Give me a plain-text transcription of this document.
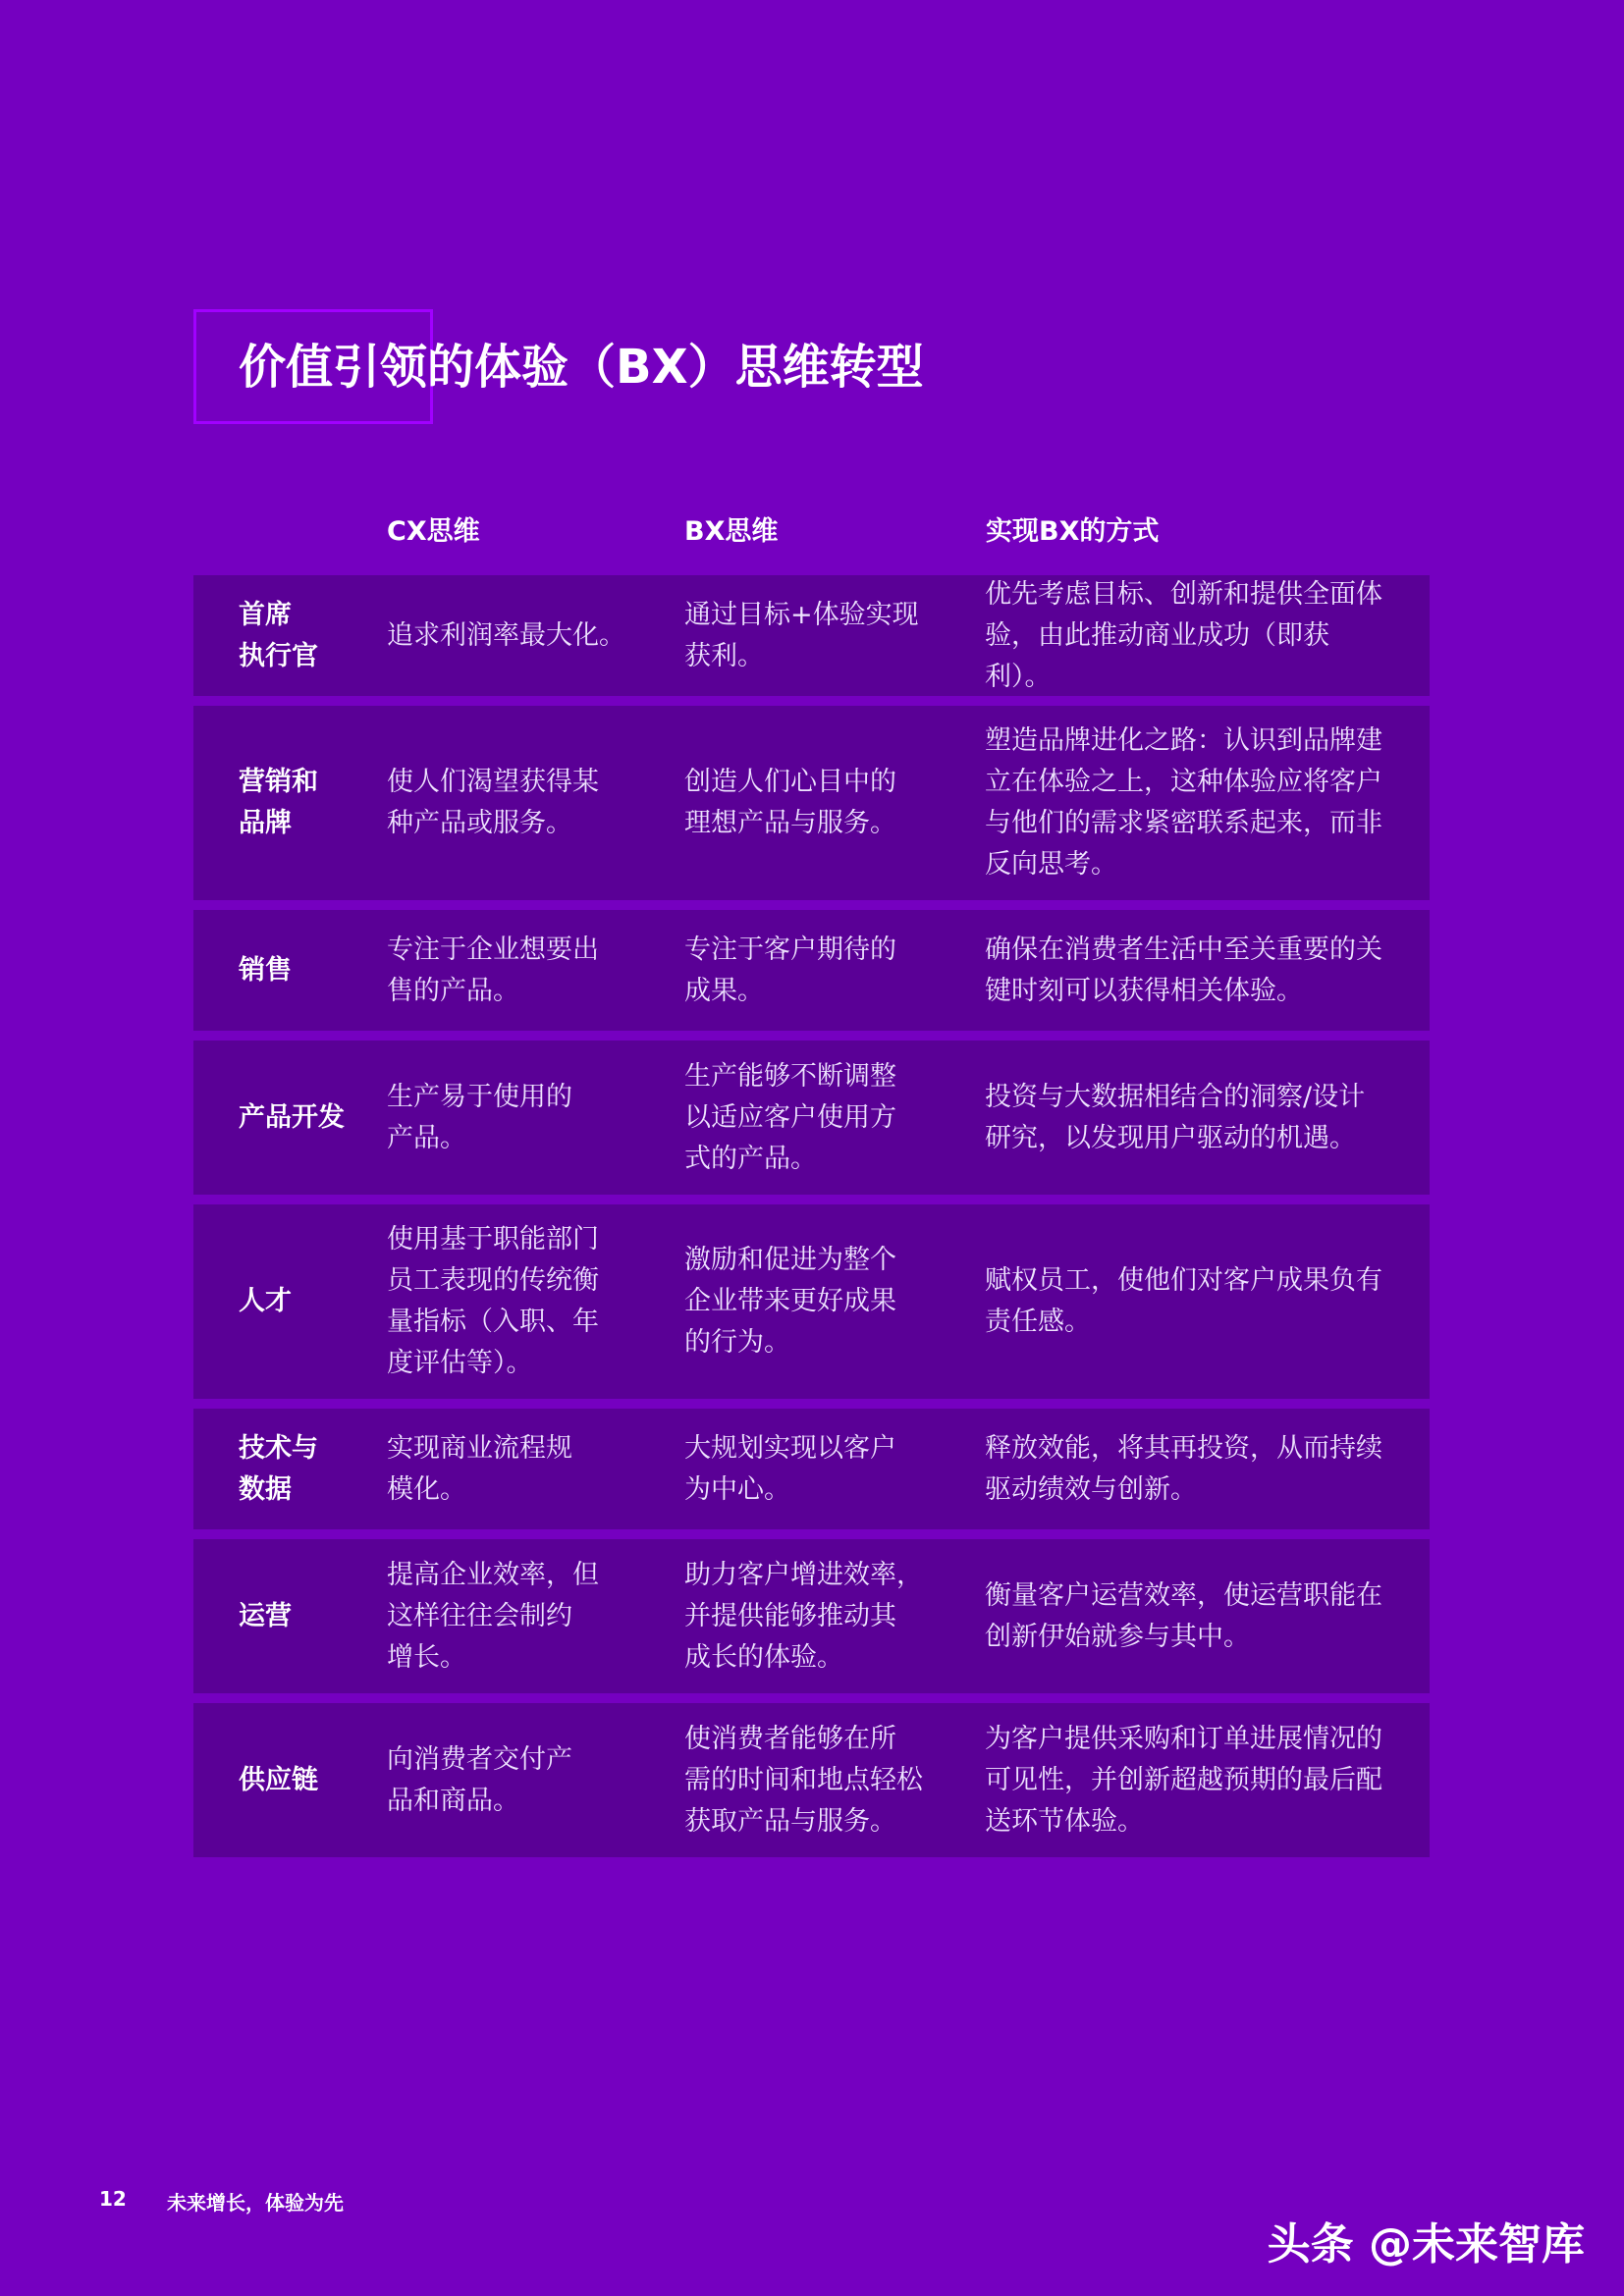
价值引领的体验（BX）思维转型
CX思维	BX思维	实现BX的方式
首席
执行官
追求利润率最大化。
通过目标+体验实现
获利。
优先考虑目标、创新和提供全面体
验，由此推动商业成功（即获利）。
营销和
品牌
使人们渴望获得某
种产品或服务。
创造人们心目中的
理想产品与服务。
塑造品牌进化之路：认识到品牌建
立在体验之上，这种体验应将客户
与他们的需求紧密联系起来，而非
反向思考。
销售
专注于企业想要出
售的产品。
专注于客户期待的
成果。
确保在消费者生活中至关重要的关
键时刻可以获得相关体验。
产品开发
生产易于使用的
产品。
生产能够不断调整
以适应客户使用方
式的产品。
投资与大数据相结合的洞察/设计
研究，以发现用户驱动的机遇。
人才
使用基于职能部门
员工表现的传统衡
量指标（入职、年
度评估等）。
激励和促进为整个
企业带来更好成果
的行为。
赋权员工，使他们对客户成果负有
责任感。
技术与
数据
实现商业流程规
模化。
大规划实现以客户
为中心。
释放效能，将其再投资，从而持续
驱动绩效与创新。
运营
提高企业效率，但
这样往往会制约
增长。
助力客户增进效率，
并提供能够推动其
成长的体验。
衡量客户运营效率，使运营职能在
创新伊始就参与其中。
供应链
向消费者交付产
品和商品。
使消费者能够在所
需的时间和地点轻松
获取产品与服务。
为客户提供采购和订单进展情况的
可见性，并创新超越预期的最后配
送环节体验。
12 未来增长，体验为先
头条 @未来智库
